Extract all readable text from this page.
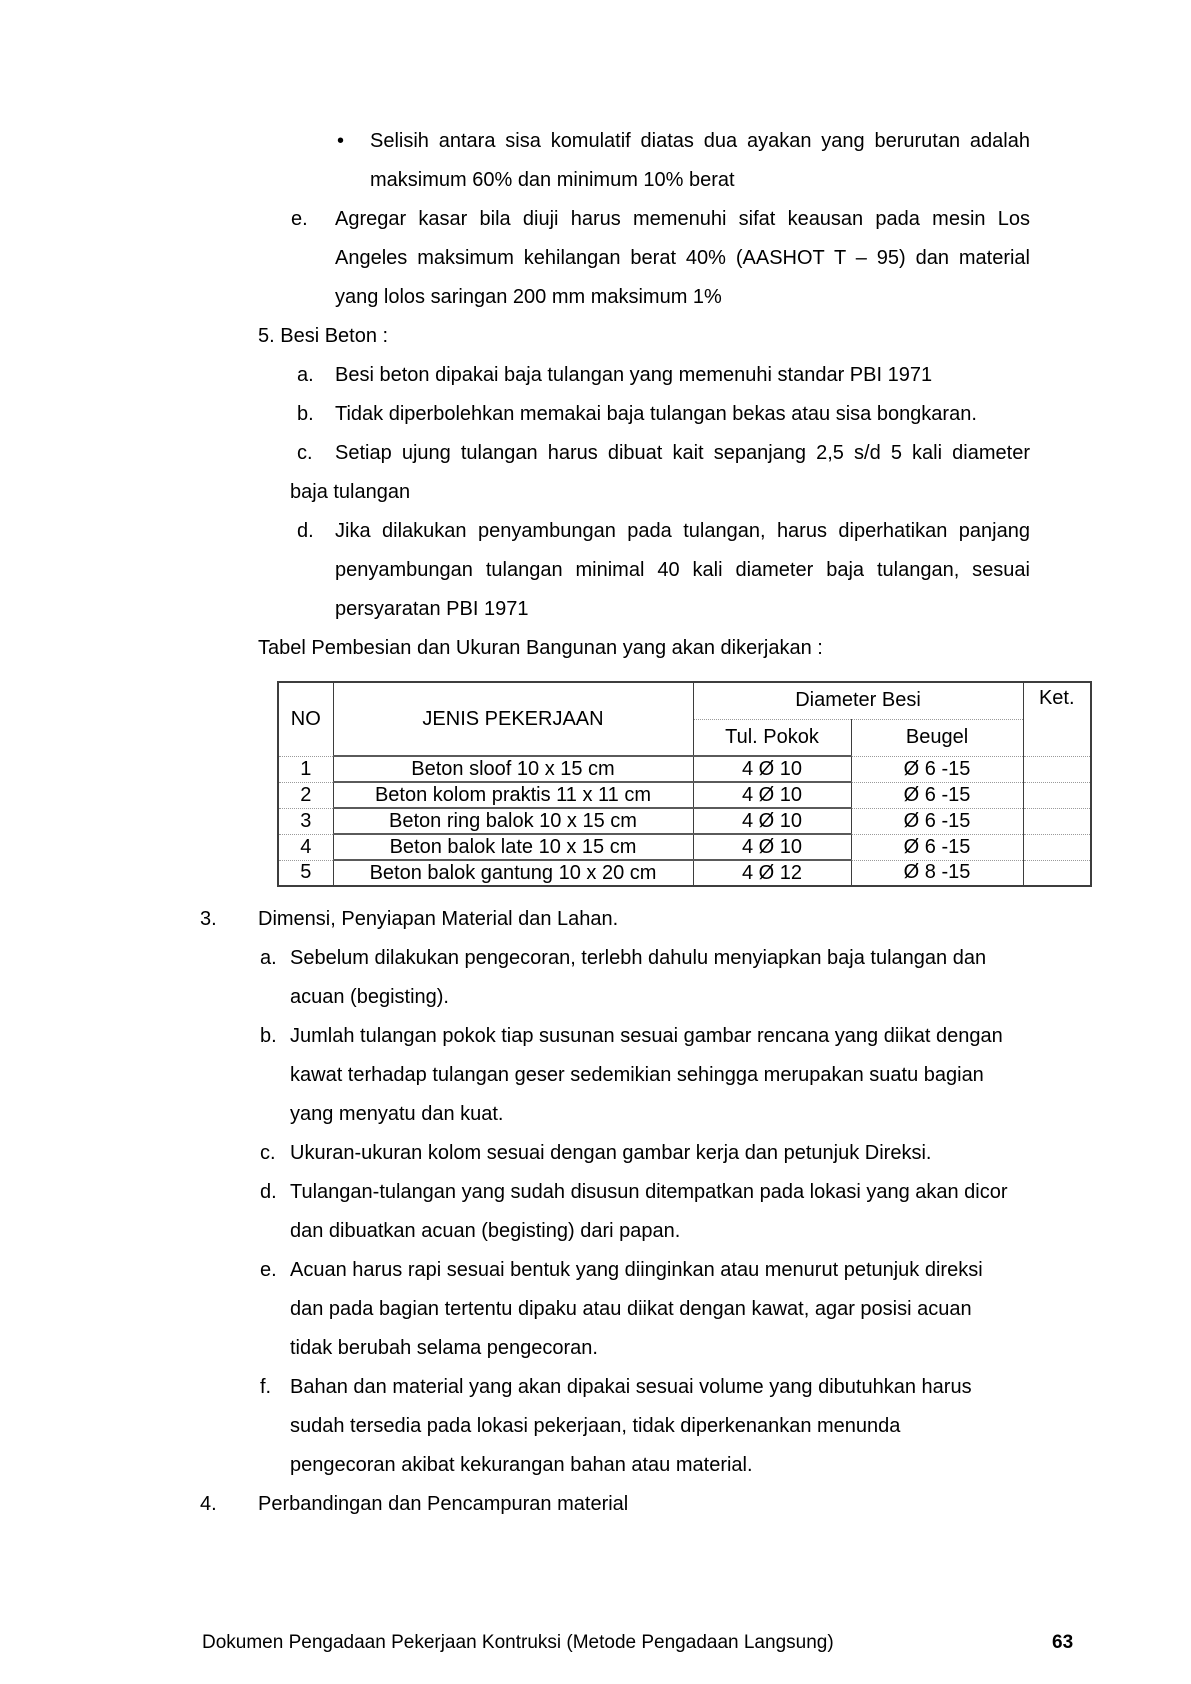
•	Selisih antara sisa komulatif diatas dua ayakan yang berurutan adalah
maksimum 60% dan minimum 10% berat
e.	Agregar kasar bila diuji harus memenuhi sifat keausan pada mesin Los
Angeles maksimum kehilangan berat 40% (AASHOT T – 95) dan material
yang lolos saringan 200 mm maksimum 1%
5. Besi Beton :
a.	Besi beton dipakai baja tulangan yang memenuhi standar PBI 1971
b.	Tidak diperbolehkan memakai baja tulangan bekas atau sisa bongkaran.
c.	Setiap ujung tulangan harus dibuat kait sepanjang 2,5 s/d 5 kali diameter
baja tulangan
d.	Jika dilakukan penyambungan pada tulangan, harus diperhatikan panjang
penyambungan tulangan minimal 40 kali diameter baja tulangan, sesuai
persyaratan PBI 1971
Tabel Pembesian dan Ukuran Bangunan yang akan dikerjakan :
NO	JENIS PEKERJAAN	Diameter Besi		Ket.
		Tul. Pokok	Beugel	
1	Beton sloof 10 x 15 cm	4 Ø 10	Ø 6 -15	
2	Beton kolom praktis 11 x 11 cm	4 Ø 10	Ø 6 -15	
3	Beton ring balok 10 x 15 cm	4 Ø 10	Ø 6 -15	
4	Beton balok late 10 x 15 cm	4 Ø 10	Ø 6 -15	
5	Beton balok gantung 10 x 20 cm	4 Ø 12	Ø 8 -15	
3.	Dimensi, Penyiapan Material dan Lahan.
a. Sebelum dilakukan pengecoran, terlebh dahulu menyiapkan baja tulangan dan
acuan (begisting).
b. Jumlah tulangan pokok tiap susunan sesuai gambar rencana yang diikat dengan
kawat terhadap tulangan geser sedemikian sehingga merupakan suatu bagian
yang menyatu dan kuat.
c. Ukuran-ukuran kolom sesuai dengan gambar kerja dan petunjuk Direksi.
d. Tulangan-tulangan yang sudah disusun ditempatkan pada lokasi yang akan dicor
dan dibuatkan acuan (begisting) dari papan.
e. Acuan harus rapi sesuai bentuk yang diinginkan atau menurut petunjuk direksi
dan pada bagian tertentu dipaku atau diikat dengan kawat, agar posisi acuan
tidak berubah selama pengecoran.
f. Bahan dan material yang akan dipakai sesuai volume yang dibutuhkan harus
sudah tersedia pada lokasi pekerjaan, tidak diperkenankan menunda
pengecoran akibat kekurangan bahan atau material.
4.	Perbandingan dan Pencampuran material
Dokumen Pengadaan Pekerjaan Kontruksi (Metode Pengadaan Langsung)	63
